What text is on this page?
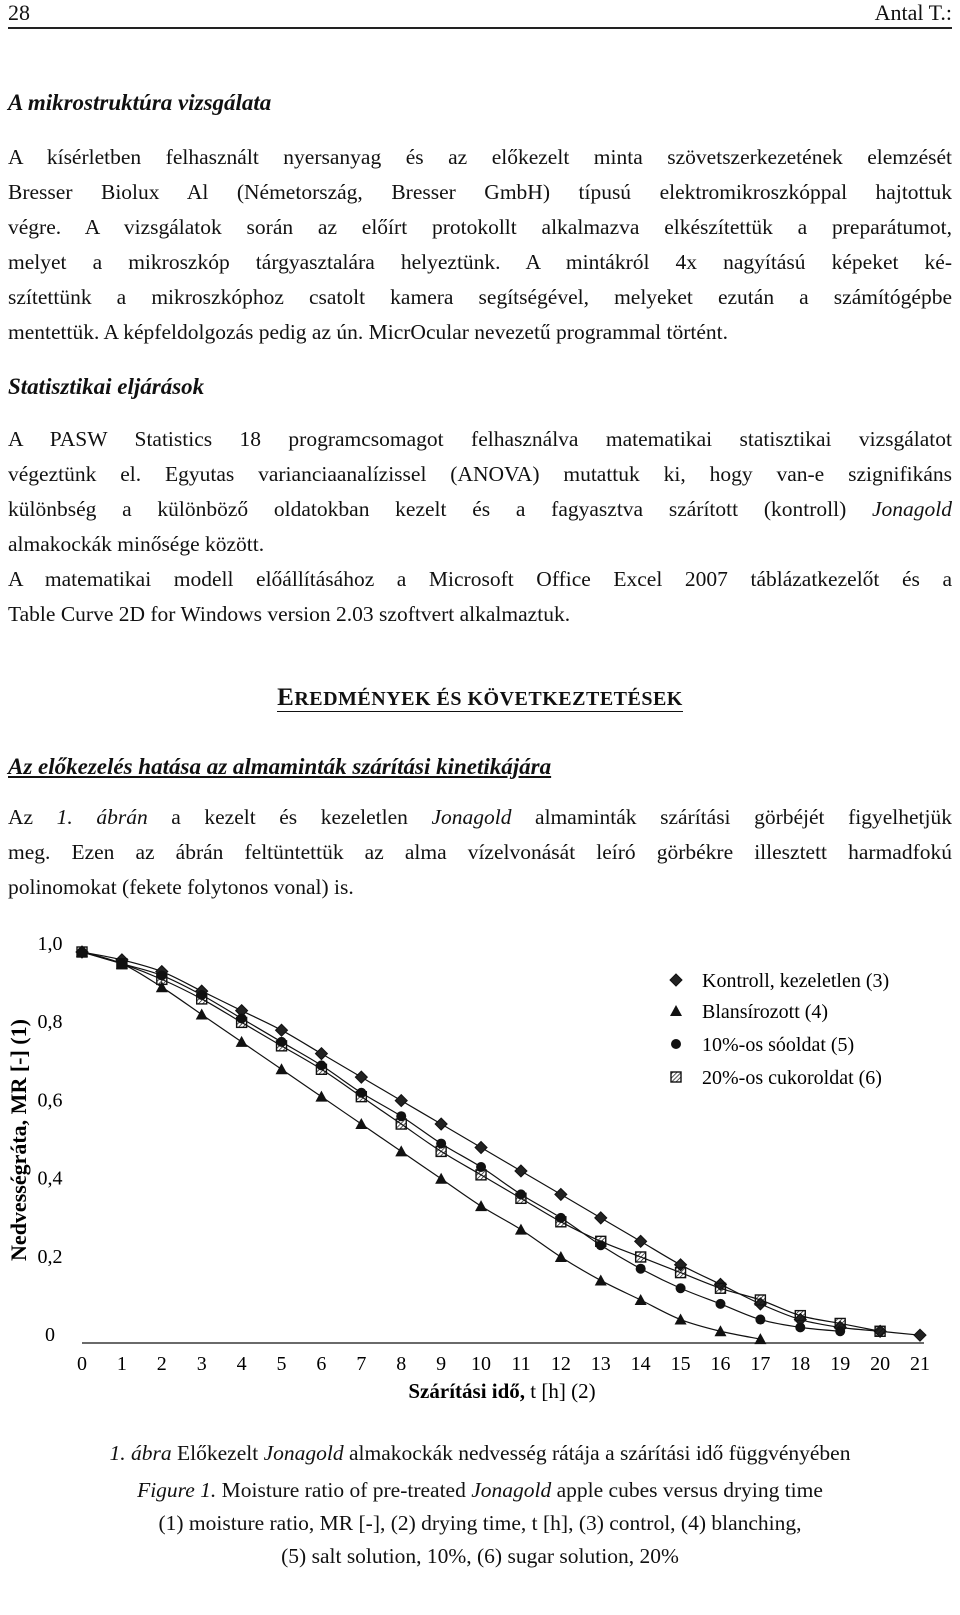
28	Antal T.:
A mikrostruktúra vizsgálata
A kísérletben felhasznált nyersanyag és az előkezelt minta szövetszerkezetének elemzését
Bresser Biolux Al (Németország, Bresser GmbH) típusú elektromikroszkóppal hajtottuk
végre. A vizsgálatok során az előírt protokollt alkalmazva elkészítettük a preparátumot,
melyet a mikroszkóp tárgyasztalára helyeztünk. A mintákról 4x nagyítású képeket ké-
szítettünk a mikroszkóphoz csatolt kamera segítségével, melyeket ezután a számítógépbe
mentettük. A képfeldolgozás pedig az ún. MicrOcular nevezetű programmal történt.
Statisztikai eljárások
A PASW Statistics 18 programcsomagot felhasználva matematikai statisztikai vizsgálatot
végeztünk el. Egyutas varianciaanalízissel (ANOVA) mutattuk ki, hogy van-e szignifikáns
különbség a különböző oldatokban kezelt és a fagyasztva szárított (kontroll) Jonagold
almakockák minősége között.
A matematikai modell előállításához a Microsoft Office Excel 2007 táblázatkezelőt és a
Table Curve 2D for Windows version 2.03 szoftvert alkalmaztuk.
EREDMÉNYEK ÉS KÖVETKEZTETÉSEK
Az előkezelés hatása az almaminták szárítási kinetikájára
Az 1. ábrán a kezelt és kezeletlen Jonagold almaminták szárítási görbéjét figyelhetjük
meg. Ezen az ábrán feltüntettük az alma vízelvonását leíró görbékre illesztett harmadfokú
polinomokat (fekete folytonos vonal) is.
0 1 2 3 4 5 6 7 8 9 10 11 12 13 14 15 16 17 18 19 20 21
0
0,2
0,4
0,6
0,8
1,0
Kontroll, kezeletlen (3)
Blansírozott (4)
10%-os sóoldat (5)
20%-os cukoroldat (6)
Nedvességráta, MR [-] (1)
Szárítási idő, t [h] (2)
1. ábra Előkezelt Jonagold almakockák nedvesség rátája a szárítási idő függvényében
Figure 1. Moisture ratio of pre-treated Jonagold apple cubes versus drying time
(1) moisture ratio, MR [-], (2) drying time, t [h], (3) control, (4) blanching,
(5) salt solution, 10%, (6) sugar solution, 20%
